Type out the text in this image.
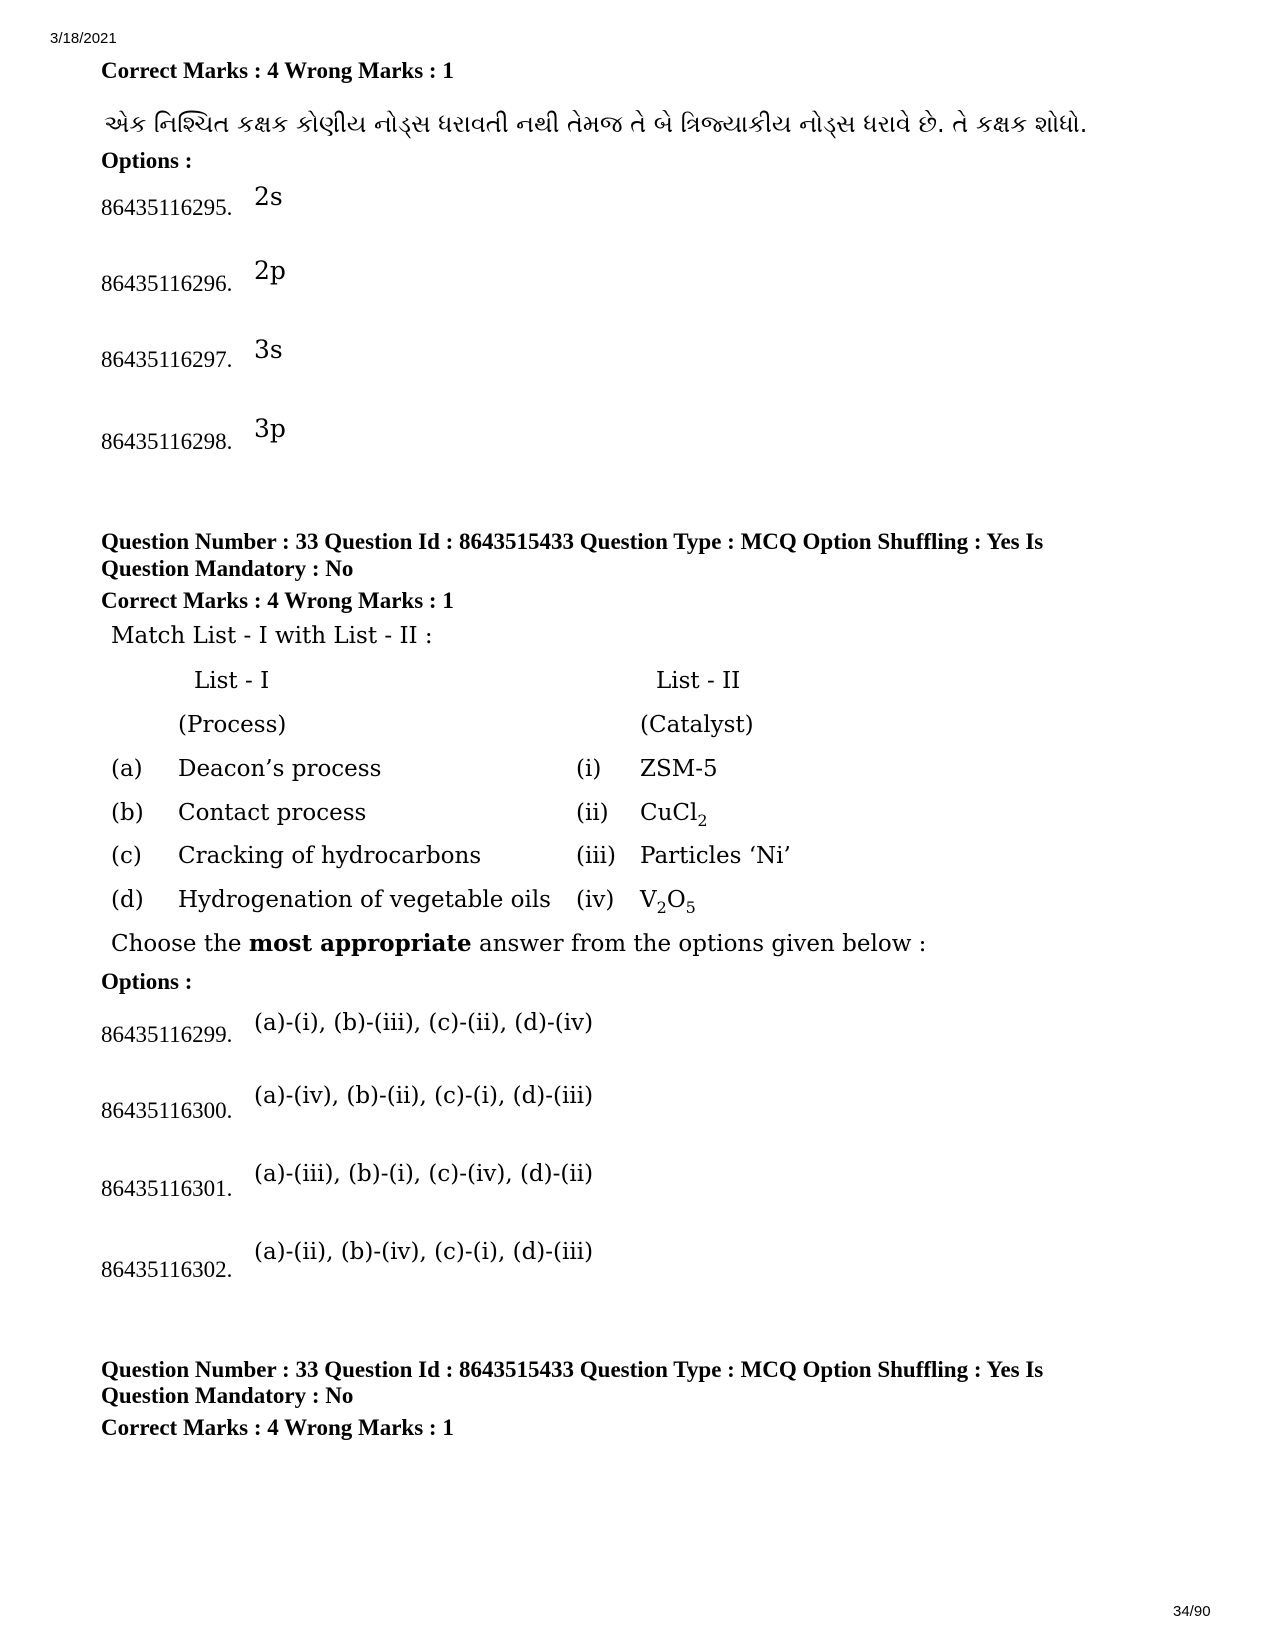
3/18/2021
34/90
Correct Marks : 4 Wrong Marks : 1
એક નિશ્ચિત કક્ષક કોણીય નોડ્સ ધરાવતી નથી તેમજ તે બે ત્રિજ્યાકીય નોડ્સ ધરાવે છે. તે કક્ષક શોધો.
Options :
86435116295. 2s
86435116296. 2p
86435116297. 3s
86435116298. 3p
Question Number : 33 Question Id : 8643515433 Question Type : MCQ Option Shuffling : Yes Is
Question Mandatory : No
Correct Marks : 4 Wrong Marks : 1
Match List - I with List - II :
List - I	List - II
(Process)	(Catalyst)
(a) Deacon’s process	(i) ZSM-5
(b) Contact process	(ii) CuCl$_2$
(c) Cracking of hydrocarbons	(iii) Particles ‘Ni’
(d) Hydrogenation of vegetable oils (iv) $V_2O_5$
Choose the most appropriate answer from the options given below :
Options :
86435116299. (a)-(i), (b)-(iii), (c)-(ii), (d)-(iv)
86435116300.
(a)-(iv), (b)-(ii), (c)-(i), (d)-(iii)
86435116301.
(a)-(iii), (b)-(i), (c)-(iv), (d)-(ii)
86435116302.
(a)-(ii), (b)-(iv), (c)-(i), (d)-(iii)
Question Number : 33 Question Id : 8643515433 Question Type : MCQ Option Shuffling : Yes Is
Question Mandatory : No
Correct Marks : 4 Wrong Marks : 1
